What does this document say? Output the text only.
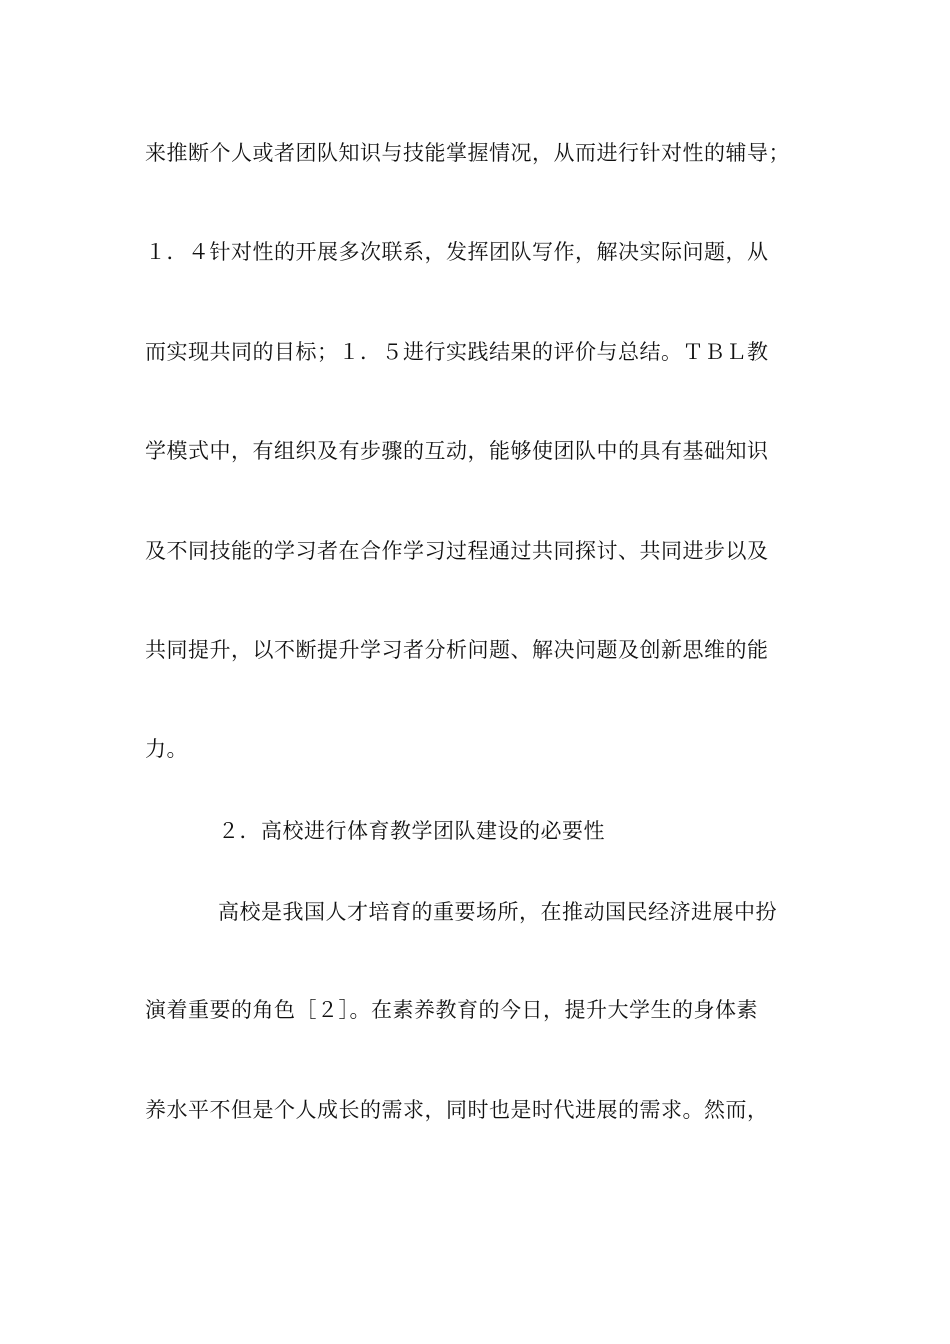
来推断个人或者团队知识与技能掌握情况，从而进行针对性的辅导；
１．４针对性的开展多次联系，发挥团队写作，解决实际问题，从
而实现共同的目标；１．５进行实践结果的评价与总结。ＴＢＬ教
学模式中，有组织及有步骤的互动，能够使团队中的具有基础知识
及不同技能的学习者在合作学习过程通过共同探讨、共同进步以及
共同提升，以不断提升学习者分析问题、解决问题及创新思维的能
力。
２．高校进行体育教学团队建设的必要性
高校是我国人才培育的重要场所，在推动国民经济进展中扮
演着重要的角色［２］。在素养教育的今日，提升大学生的身体素
养水平不但是个人成长的需求，同时也是时代进展的需求。然而，
